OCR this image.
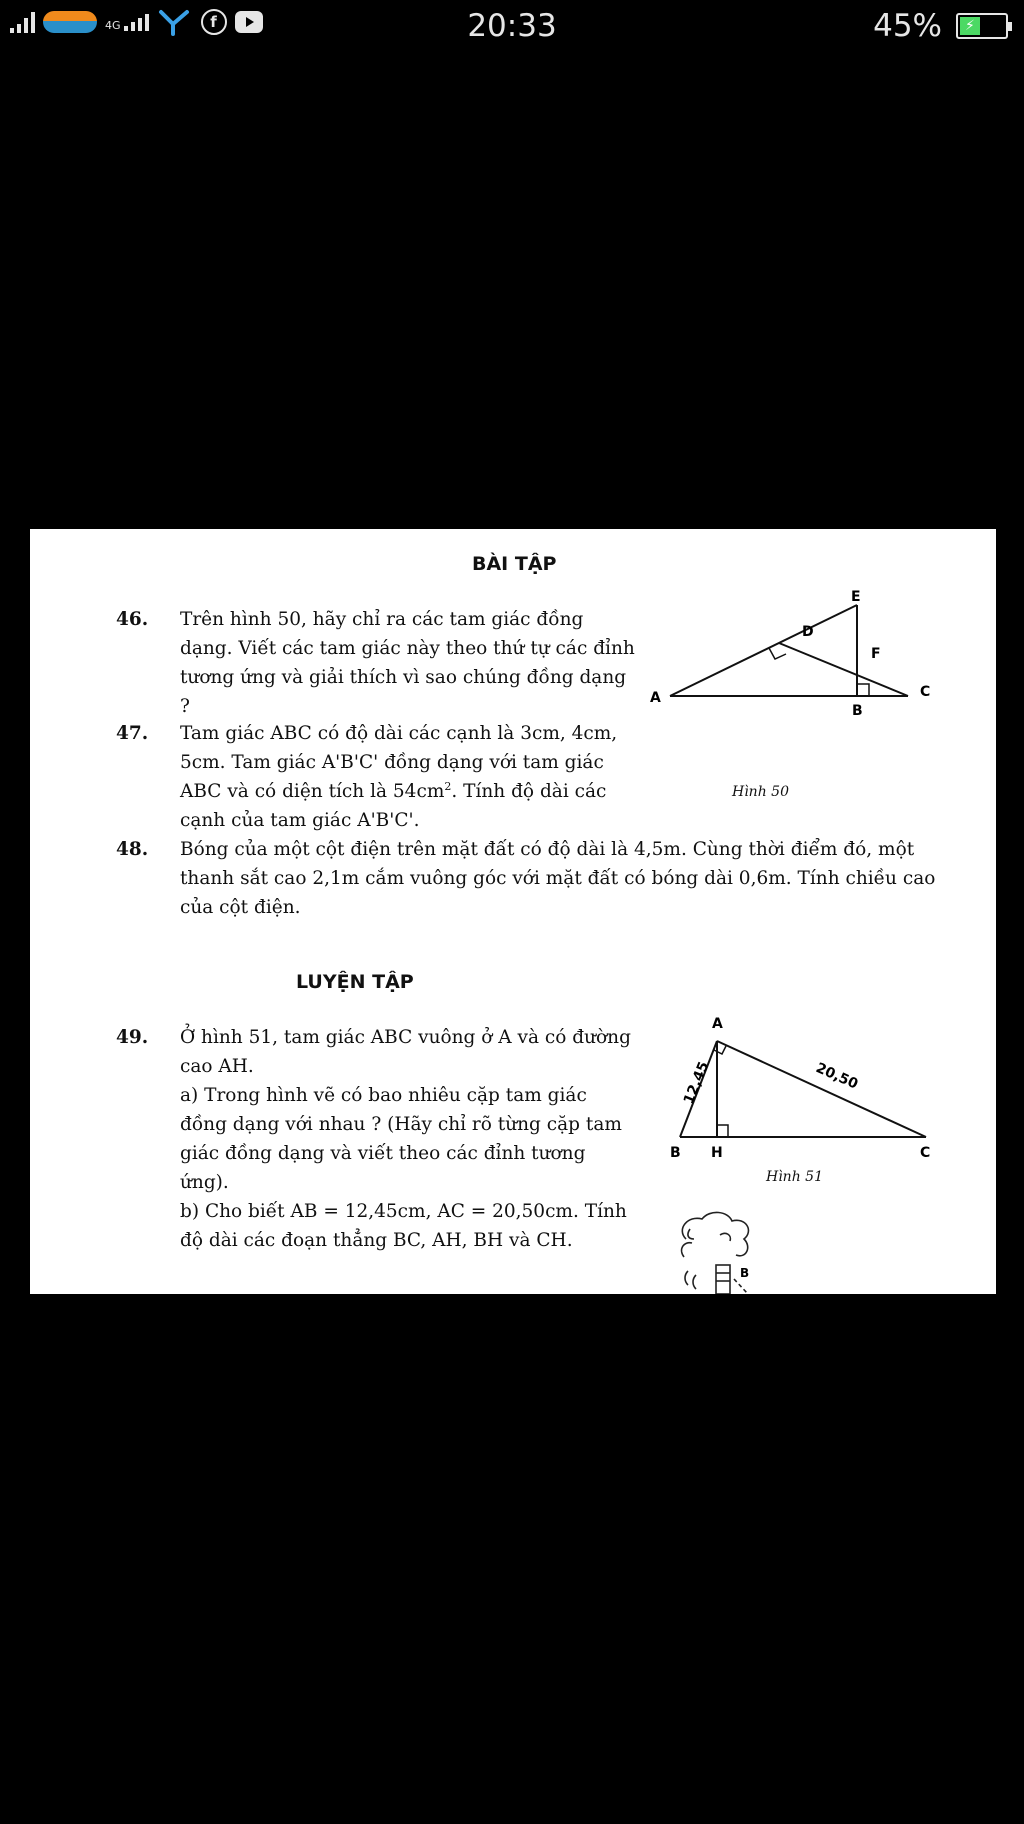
4G	f	20:33	45%	⚡
BÀI TẬP
46. Trên hình 50, hãy chỉ ra các tam giác đồng dạng. Viết các tam giác này theo thứ tự các đỉnh tương ứng và giải thích vì sao chúng đồng dạng ?

47. Tam giác ABC có độ dài các cạnh là 3cm, 4cm, 5cm. Tam giác A'B'C' đồng dạng với tam giác ABC và có diện tích là $54cm^2$. Tính độ dài các cạnh của tam giác A'B'C'.

48. Bóng của một cột điện trên mặt đất có độ dài là 4,5m. Cùng thời điểm đó, một thanh sắt cao 2,1m cắm vuông góc với mặt đất có bóng dài 0,6m. Tính chiều cao của cột điện.

A
B
C
D
E
F
Hình 50
LUYỆN TẬP
49. Ở hình 51, tam giác ABC vuông ở A và có đường cao AH.

a) Trong hình vẽ có bao nhiêu cặp tam giác đồng dạng với nhau ? (Hãy chỉ rõ từng cặp tam giác đồng dạng và viết theo các đỉnh tương ứng).

b) Cho biết AB = 12,45cm, AC = 20,50cm. Tính độ dài các đoạn thẳng BC, AH, BH và CH.

A
B	C
H
12,45	20,50
Hình 51
B
